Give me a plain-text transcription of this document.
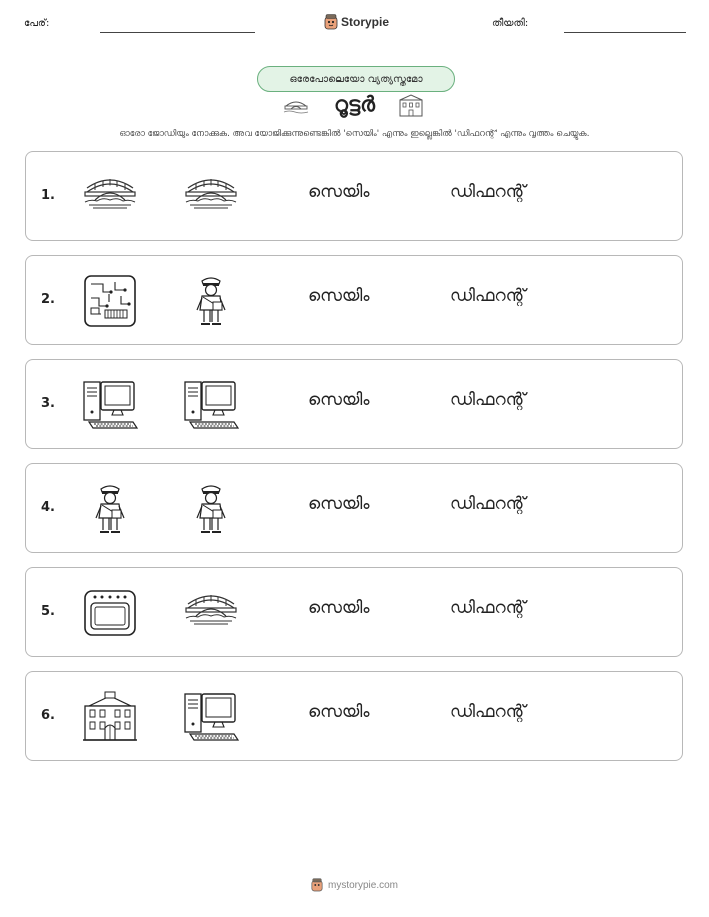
പേര്:	Storypie	തീയതി:
ഒരേപോലെയോ വ്യത്യസ്തമോ
റൂട്ടർ
ഓരോ ജോഡിയും നോക്കുക. അവ യോജിക്കുന്നുണ്ടെങ്കിൽ 'സെയിം' എന്നും ഇല്ലെങ്കിൽ 'ഡിഫറന്റ്' എന്നും വൃത്തം ചെയ്യുക.
1.	സെയിം	ഡിഫറന്റ്
2.	സെയിം	ഡിഫറന്റ്
3.	സെയിം	ഡിഫറന്റ്
4.	സെയിം	ഡിഫറന്റ്
5.	സെയിം	ഡിഫറന്റ്
6.	സെയിം	ഡിഫറന്റ്
mystorypie.com
